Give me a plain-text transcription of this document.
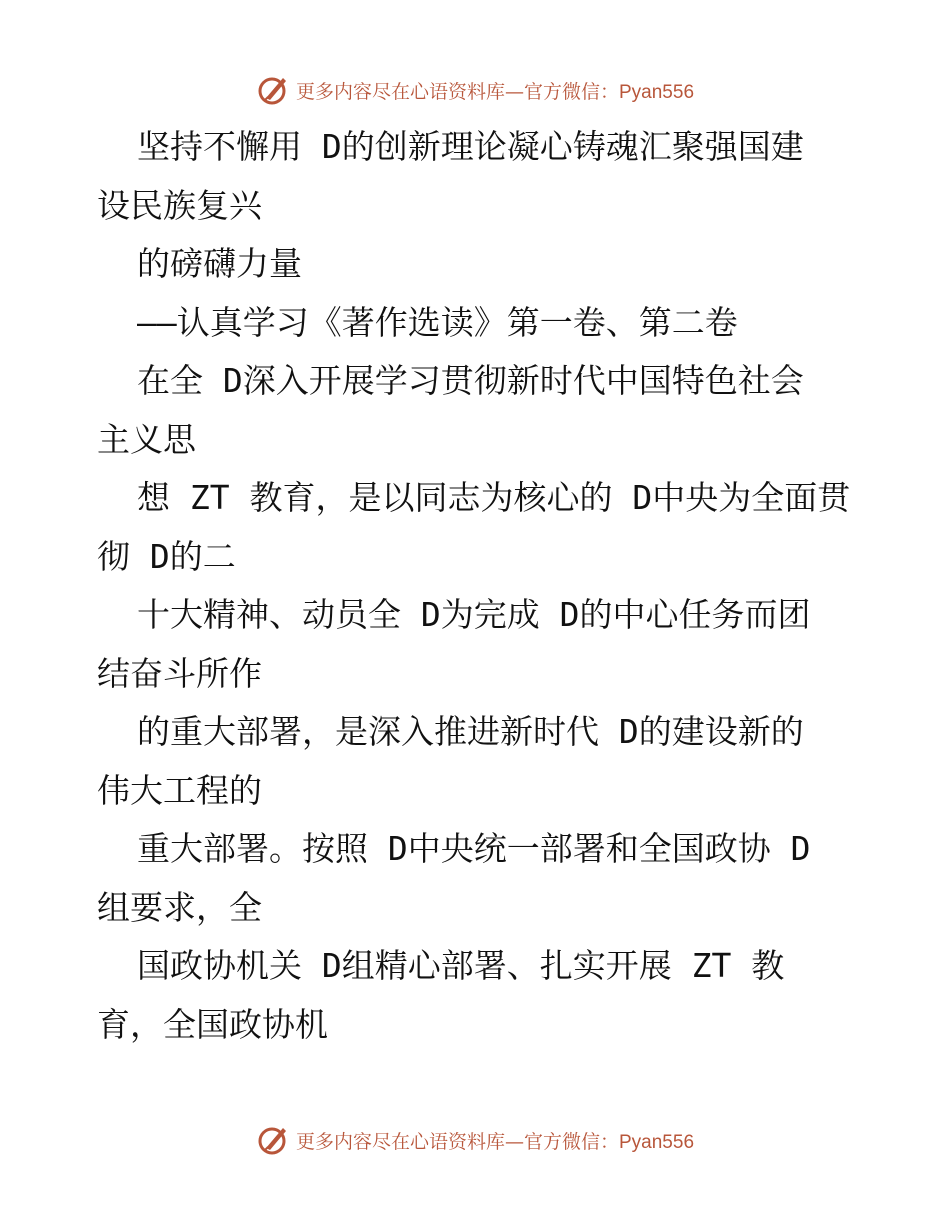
更多内容尽在心语资料库—官方微信：Pyan556
坚持不懈用 D的创新理论凝心铸魂汇聚强国建
设民族复兴
的磅礴力量
——认真学习《著作选读》第一卷、第二卷
在全 D深入开展学习贯彻新时代中国特色社会
主义思
想 ZT 教育，是以同志为核心的 D中央为全面贯
彻 D的二
十大精神、动员全 D为完成 D的中心任务而团
结奋斗所作
的重大部署，是深入推进新时代 D的建设新的
伟大工程的
重大部署。按照 D中央统一部署和全国政协 D
组要求，全
国政协机关 D组精心部署、扎实开展 ZT 教
育，全国政协机
更多内容尽在心语资料库—官方微信：Pyan556
